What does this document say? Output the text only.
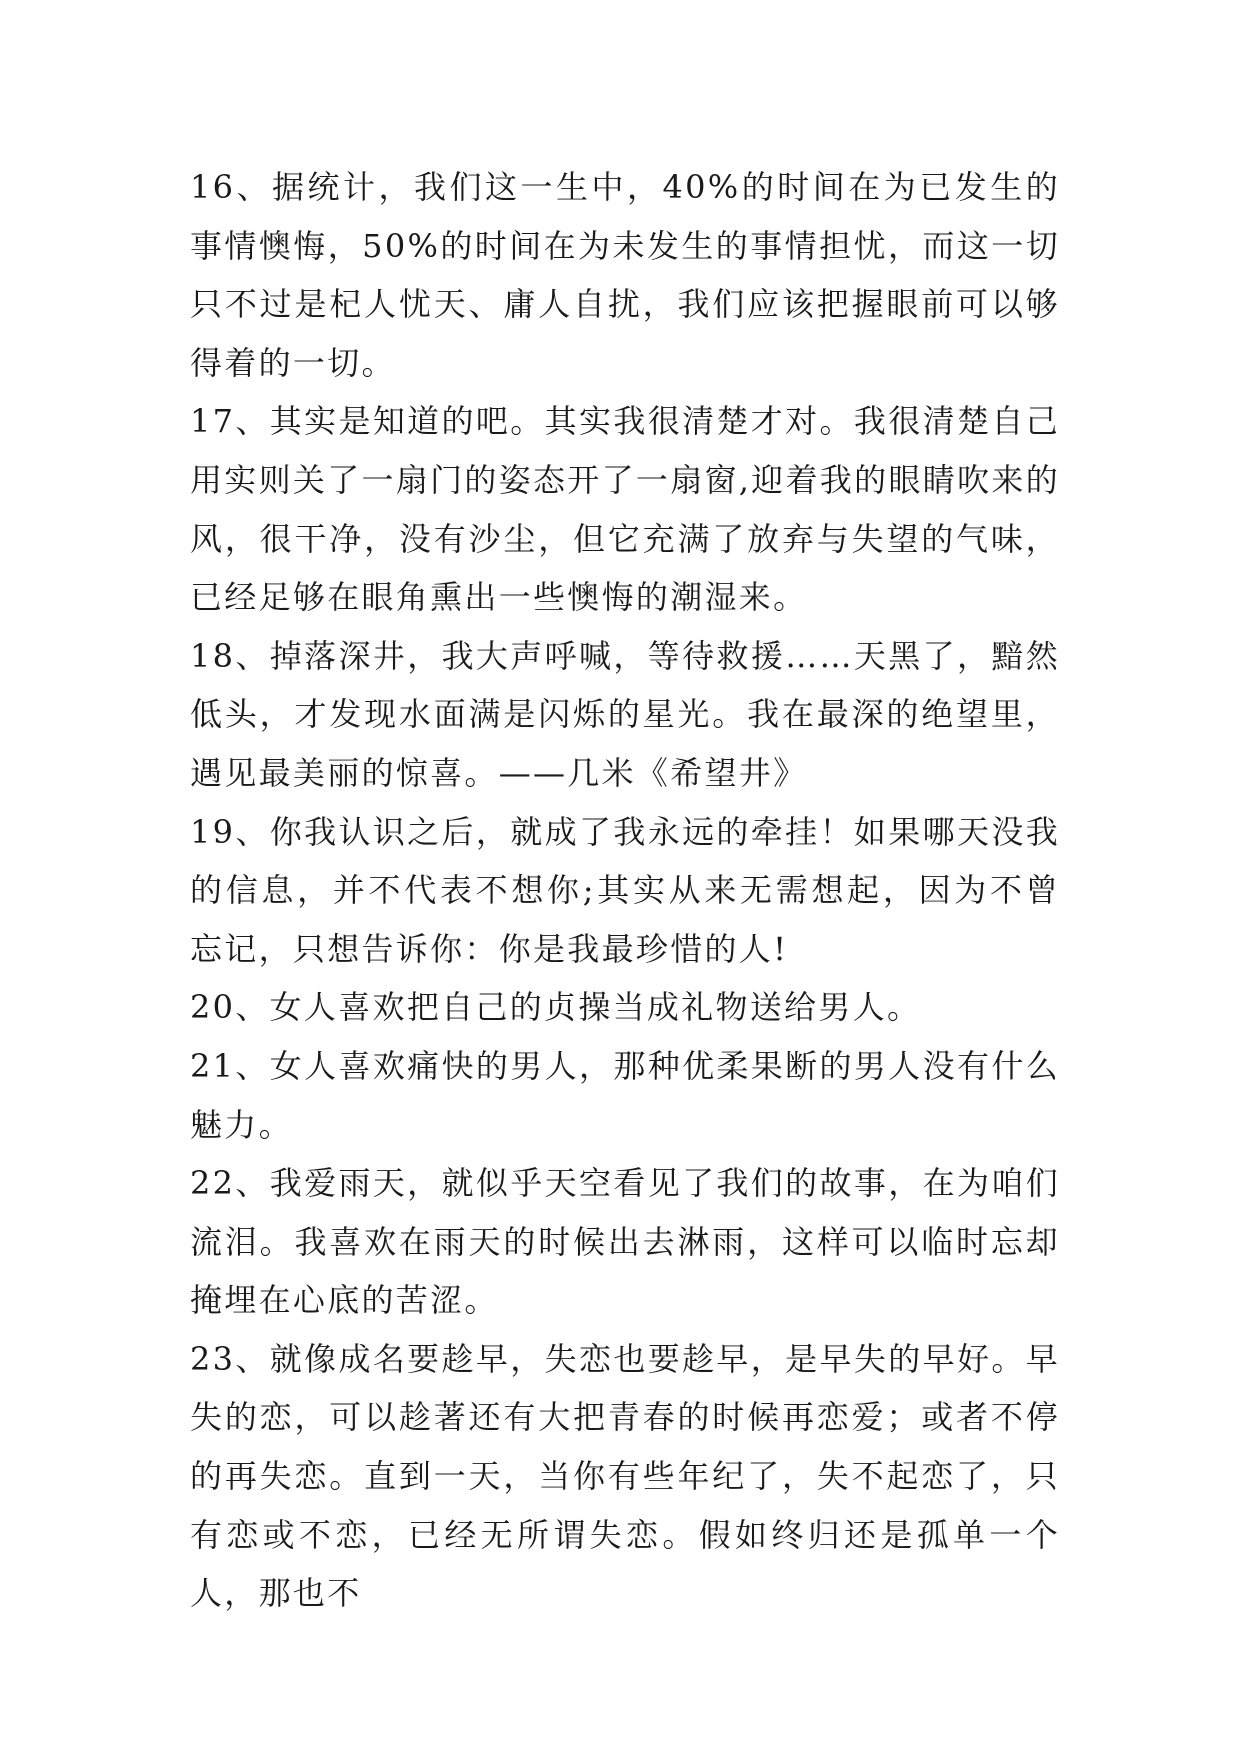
16、据统计，我们这一生中，40%的时间在为已发生的事情懊悔，50%的时间在为未发生的事情担忧，而这一切只不过是杞人忧天、庸人自扰，我们应该把握眼前可以够得着的一切。

17、其实是知道的吧。其实我很清楚才对。我很清楚自己用实则关了一扇门的姿态开了一扇窗,迎着我的眼睛吹来的风，很干净，没有沙尘，但它充满了放弃与失望的气味，已经足够在眼角熏出一些懊悔的潮湿来。

18、掉落深井，我大声呼喊，等待救援……天黑了，黯然低头，才发现水面满是闪烁的星光。我在最深的绝望里，遇见最美丽的惊喜。——几米《希望井》

19、你我认识之后，就成了我永远的牵挂！如果哪天没我的信息，并不代表不想你;其实从来无需想起，因为不曾忘记，只想告诉你：你是我最珍惜的人!

20、女人喜欢把自己的贞操当成礼物送给男人。

21、女人喜欢痛快的男人，那种优柔果断的男人没有什么魅力。

22、我爱雨天，就似乎天空看见了我们的故事，在为咱们流泪。我喜欢在雨天的时候出去淋雨，这样可以临时忘却掩埋在心底的苦涩。

23、就像成名要趁早，失恋也要趁早，是早失的早好。早失的恋，可以趁著还有大把青春的时候再恋爱；或者不停的再失恋。直到一天，当你有些年纪了，失不起恋了，只有恋或不恋，已经无所谓失恋。假如终归还是孤单一个人，那也不
